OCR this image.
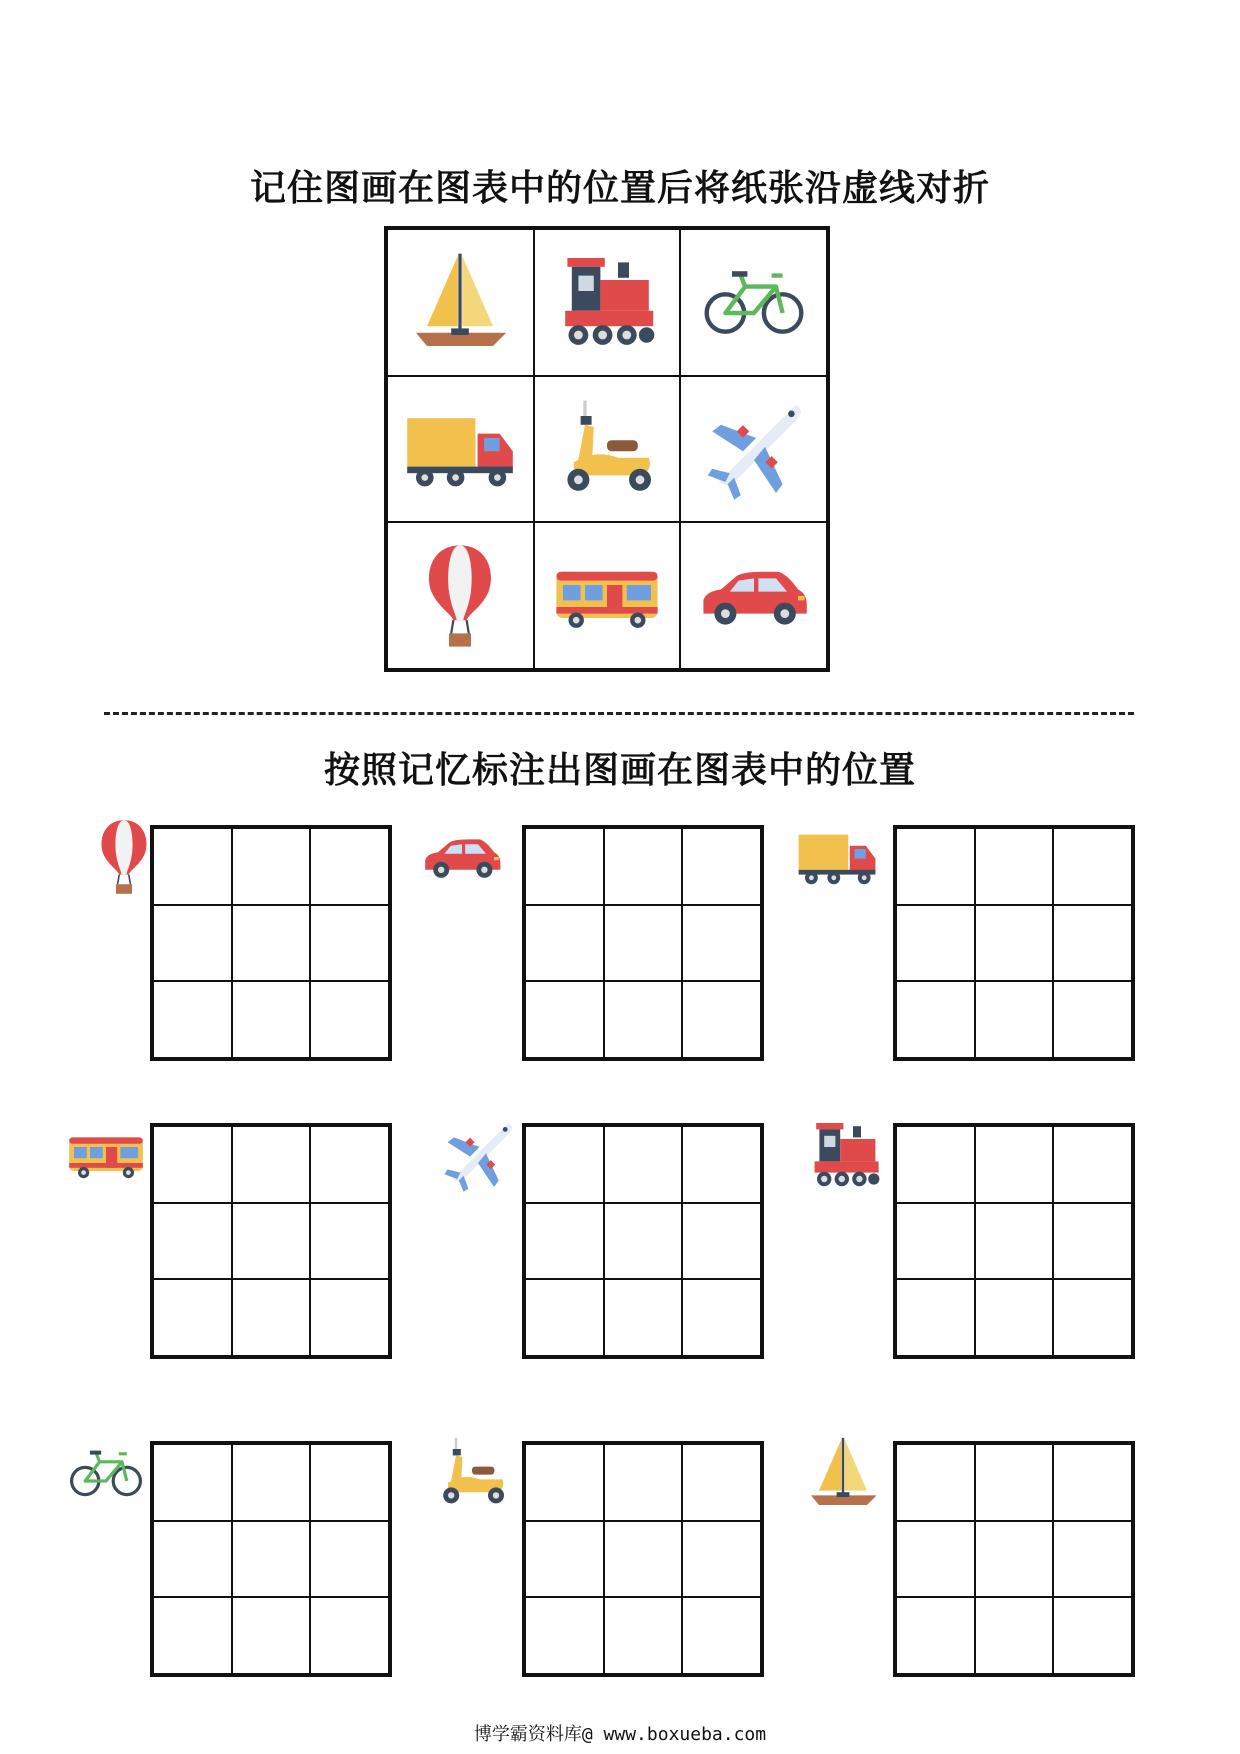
记住图画在图表中的位置后将纸张沿虚线对折
按照记忆标注出图画在图表中的位置
博学霸资料库@ www.boxueba.com
